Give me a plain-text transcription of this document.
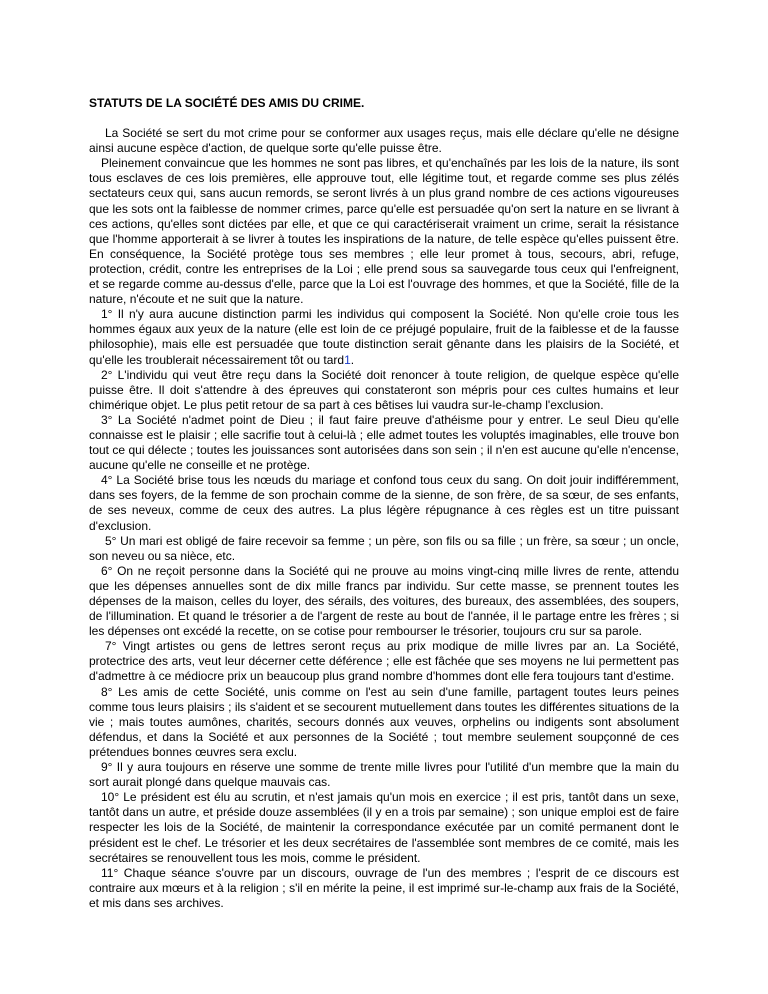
STATUTS DE LA SOCIÉTÉ DES AMIS DU CRIME.

La Société se sert du mot crime pour se conformer aux usages reçus, mais elle déclare qu'elle ne désigne ainsi aucune espèce d'action, de quelque sorte qu'elle puisse être.

Pleinement convaincue que les hommes ne sont pas libres, et qu'enchaînés par les lois de la nature, ils sont tous esclaves de ces lois premières, elle approuve tout, elle légitime tout, et regarde comme ses plus zélés sectateurs ceux qui, sans aucun remords, se seront livrés à un plus grand nombre de ces actions vigoureuses que les sots ont la faiblesse de nommer crimes, parce qu'elle est persuadée qu'on sert la nature en se livrant à ces actions, qu'elles sont dictées par elle, et que ce qui caractériserait vraiment un crime, serait la résistance que l'homme apporterait à se livrer à toutes les inspirations de la nature, de telle espèce qu'elles puissent être. En conséquence, la Société protège tous ses membres ; elle leur promet à tous, secours, abri, refuge, protection, crédit, contre les entreprises de la Loi ; elle prend sous sa sauvegarde tous ceux qui l'enfreignent, et se regarde comme au-dessus d'elle, parce que la Loi est l'ouvrage des hommes, et que la Société, fille de la nature, n'écoute et ne suit que la nature.

1° Il n'y aura aucune distinction parmi les individus qui composent la Société. Non qu'elle croie tous les hommes égaux aux yeux de la nature (elle est loin de ce préjugé populaire, fruit de la faiblesse et de la fausse philosophie), mais elle est persuadée que toute distinction serait gênante dans les plaisirs de la Société, et qu'elle les troublerait nécessairement tôt ou tard1.

2° L'individu qui veut être reçu dans la Société doit renoncer à toute religion, de quelque espèce qu'elle puisse être. Il doit s'attendre à des épreuves qui constateront son mépris pour ces cultes humains et leur chimérique objet. Le plus petit retour de sa part à ces bêtises lui vaudra sur-le-champ l'exclusion.

3° La Société n'admet point de Dieu ; il faut faire preuve d'athéisme pour y entrer. Le seul Dieu qu'elle connaisse est le plaisir ; elle sacrifie tout à celui-là ; elle admet toutes les voluptés imaginables, elle trouve bon tout ce qui délecte ; toutes les jouissances sont autorisées dans son sein ; il n'en est aucune qu'elle n'encense, aucune qu'elle ne conseille et ne protège.

4° La Société brise tous les nœuds du mariage et confond tous ceux du sang. On doit jouir indifféremment, dans ses foyers, de la femme de son prochain comme de la sienne, de son frère, de sa sœur, de ses enfants, de ses neveux, comme de ceux des autres. La plus légère répugnance à ces règles est un titre puissant d'exclusion.

5° Un mari est obligé de faire recevoir sa femme ; un père, son fils ou sa fille ; un frère, sa sœur ; un oncle, son neveu ou sa nièce, etc.

6° On ne reçoit personne dans la Société qui ne prouve au moins vingt-cinq mille livres de rente, attendu que les dépenses annuelles sont de dix mille francs par individu. Sur cette masse, se prennent toutes les dépenses de la maison, celles du loyer, des sérails, des voitures, des bureaux, des assemblées, des soupers, de l'illumination. Et quand le trésorier a de l'argent de reste au bout de l'année, il le partage entre les frères ; si les dépenses ont excédé la recette, on se cotise pour rembourser le trésorier, toujours cru sur sa parole.

7° Vingt artistes ou gens de lettres seront reçus au prix modique de mille livres par an. La Société, protectrice des arts, veut leur décerner cette déférence ; elle est fâchée que ses moyens ne lui permettent pas d'admettre à ce médiocre prix un beaucoup plus grand nombre d'hommes dont elle fera toujours tant d'estime.

8° Les amis de cette Société, unis comme on l'est au sein d'une famille, partagent toutes leurs peines comme tous leurs plaisirs ; ils s'aident et se secourent mutuellement dans toutes les différentes situations de la vie ; mais toutes aumônes, charités, secours donnés aux veuves, orphelins ou indigents sont absolument défendus, et dans la Société et aux personnes de la Société ; tout membre seulement soupçonné de ces prétendues bonnes œuvres sera exclu.

9° Il y aura toujours en réserve une somme de trente mille livres pour l'utilité d'un membre que la main du sort aurait plongé dans quelque mauvais cas.

10° Le président est élu au scrutin, et n'est jamais qu'un mois en exercice ; il est pris, tantôt dans un sexe, tantôt dans un autre, et préside douze assemblées (il y en a trois par semaine) ; son unique emploi est de faire respecter les lois de la Société, de maintenir la correspondance exécutée par un comité permanent dont le président est le chef. Le trésorier et les deux secrétaires de l'assemblée sont membres de ce comité, mais les secrétaires se renouvellent tous les mois, comme le président.

11° Chaque séance s'ouvre par un discours, ouvrage de l'un des membres ; l'esprit de ce discours est contraire aux mœurs et à la religion ; s'il en mérite la peine, il est imprimé sur-le-champ aux frais de la Société, et mis dans ses archives.
